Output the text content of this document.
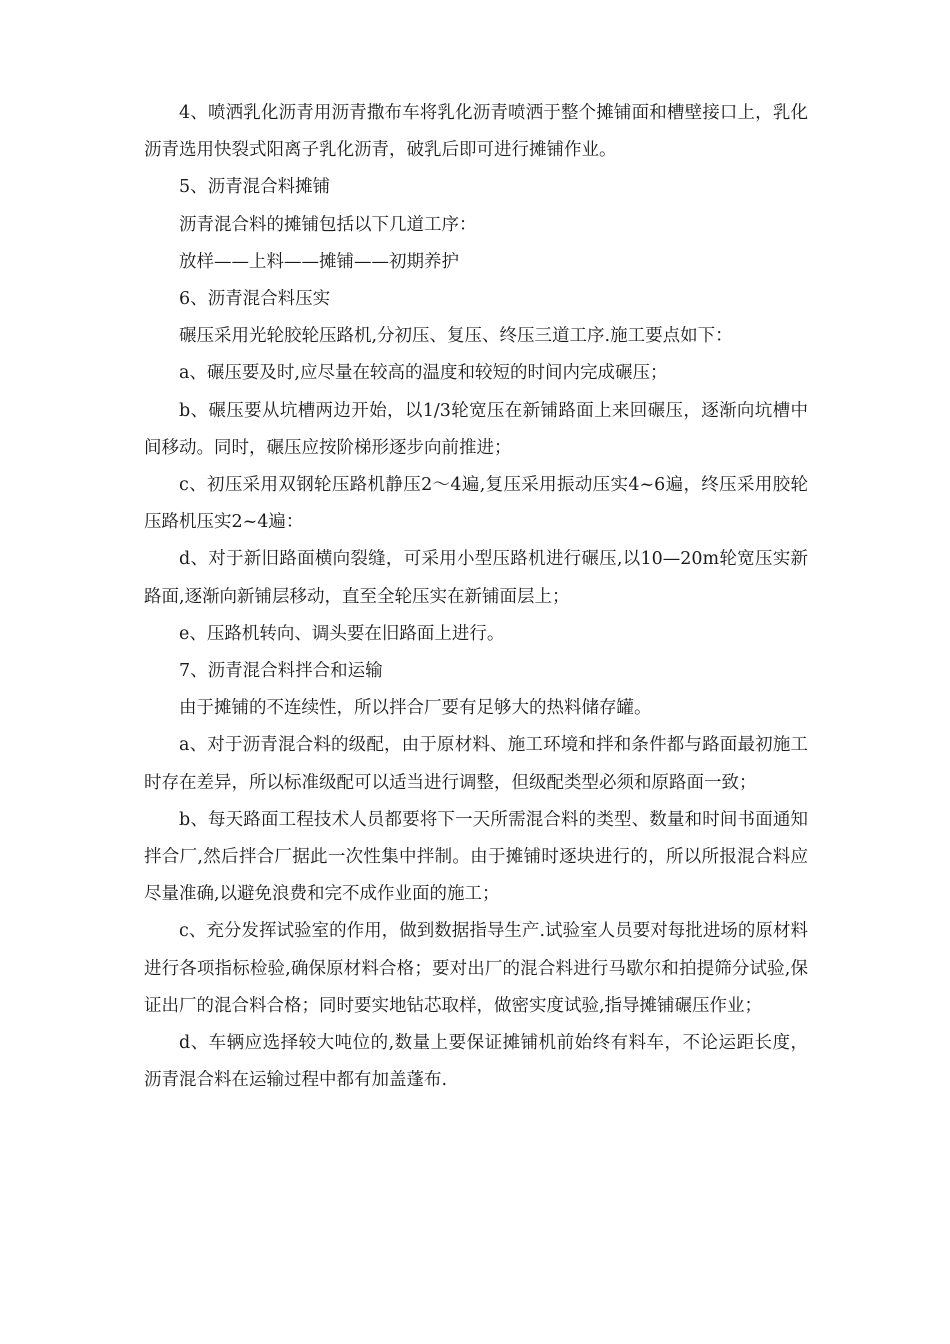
4、喷洒乳化沥青用沥青撒布车将乳化沥青喷洒于整个摊铺面和槽壁接口上，乳化沥青选用快裂式阳离子乳化沥青，破乳后即可进行摊铺作业。

5、沥青混合料摊铺

沥青混合料的摊铺包括以下几道工序：

放样——上料——摊铺——初期养护

6、沥青混合料压实

碾压采用光轮胶轮压路机,分初压、复压、终压三道工序.施工要点如下：

a、碾压要及时,应尽量在较高的温度和较短的时间内完成碾压；

b、碾压要从坑槽两边开始，以1/3轮宽压在新铺路面上来回碾压，逐渐向坑槽中间移动。同时，碾压应按阶梯形逐步向前推进；

c、初压采用双钢轮压路机静压2～4遍,复压采用振动压实4~6遍，终压采用胶轮压路机压实2~4遍：

d、对于新旧路面横向裂缝，可采用小型压路机进行碾压,以10—20m轮宽压实新路面,逐渐向新铺层移动，直至全轮压实在新铺面层上；

e、压路机转向、调头要在旧路面上进行。

7、沥青混合料拌合和运输

由于摊铺的不连续性，所以拌合厂要有足够大的热料储存罐。

a、对于沥青混合料的级配，由于原材料、施工环境和拌和条件都与路面最初施工时存在差异，所以标准级配可以适当进行调整，但级配类型必须和原路面一致；

b、每天路面工程技术人员都要将下一天所需混合料的类型、数量和时间书面通知拌合厂,然后拌合厂据此一次性集中拌制。由于摊铺时逐块进行的，所以所报混合料应尽量准确,以避免浪费和完不成作业面的施工；

c、充分发挥试验室的作用，做到数据指导生产.试验室人员要对每批进场的原材料进行各项指标检验,确保原材料合格；要对出厂的混合料进行马歇尔和拍提筛分试验,保证出厂的混合料合格；同时要实地钻芯取样，做密实度试验,指导摊铺碾压作业；

d、车辆应选择较大吨位的,数量上要保证摊铺机前始终有料车，不论运距长度，沥青混合料在运输过程中都有加盖蓬布.
